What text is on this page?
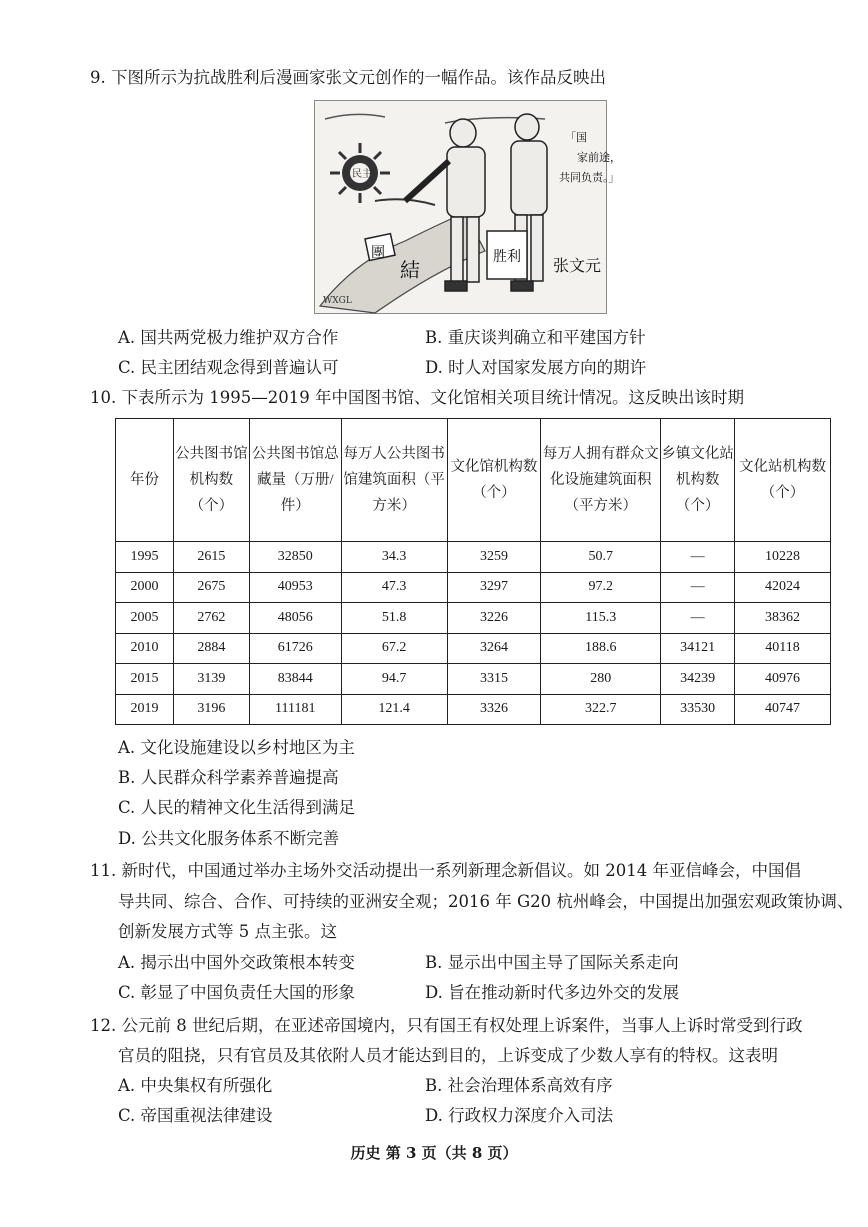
9. 下图所示为抗战胜利后漫画家张文元创作的一幅作品。该作品反映出
民主
團
結
胜利
「国
家前途，
共同负责。」
张文元
WXGL
A. 国共两党极力维护双方合作	B. 重庆谈判确立和平建国方针
C. 民主团结观念得到普遍认可	D. 时人对国家发展方向的期许
10. 下表所示为 1995—2019 年中国图书馆、文化馆相关项目统计情况。这反映出该时期
年份	公共图书馆机构数（个）	公共图书馆总藏量（万册/件）	每万人公共图书馆建筑面积（平方米）	文化馆机构数（个）	每万人拥有群众文化设施建筑面积（平方米）	乡镇文化站机构数（个）	文化站机构数（个）
1995	2615	32850	34.3	3259	50.7	—	10228
2000	2675	40953	47.3	3297	97.2	—	42024
2005	2762	48056	51.8	3226	115.3	—	38362
2010	2884	61726	67.2	3264	188.6	34121	40118
2015	3139	83844	94.7	3315	280	34239	40976
2019	3196	111181	121.4	3326	322.7	33530	40747
A. 文化设施建设以乡村地区为主
B. 人民群众科学素养普遍提高
C. 人民的精神文化生活得到满足
D. 公共文化服务体系不断完善
11. 新时代，中国通过举办主场外交活动提出一系列新理念新倡议。如 2014 年亚信峰会，中国倡
导共同、综合、合作、可持续的亚洲安全观；2016 年 G20 杭州峰会，中国提出加强宏观政策协调、
创新发展方式等 5 点主张。这
A. 揭示出中国外交政策根本转变	B. 显示出中国主导了国际关系走向
C. 彰显了中国负责任大国的形象	D. 旨在推动新时代多边外交的发展
12. 公元前 8 世纪后期，在亚述帝国境内，只有国王有权处理上诉案件，当事人上诉时常受到行政
官员的阻挠，只有官员及其依附人员才能达到目的，上诉变成了少数人享有的特权。这表明
A. 中央集权有所强化	B. 社会治理体系高效有序
C. 帝国重视法律建设	D. 行政权力深度介入司法
历史 第 3 页（共 8 页）
